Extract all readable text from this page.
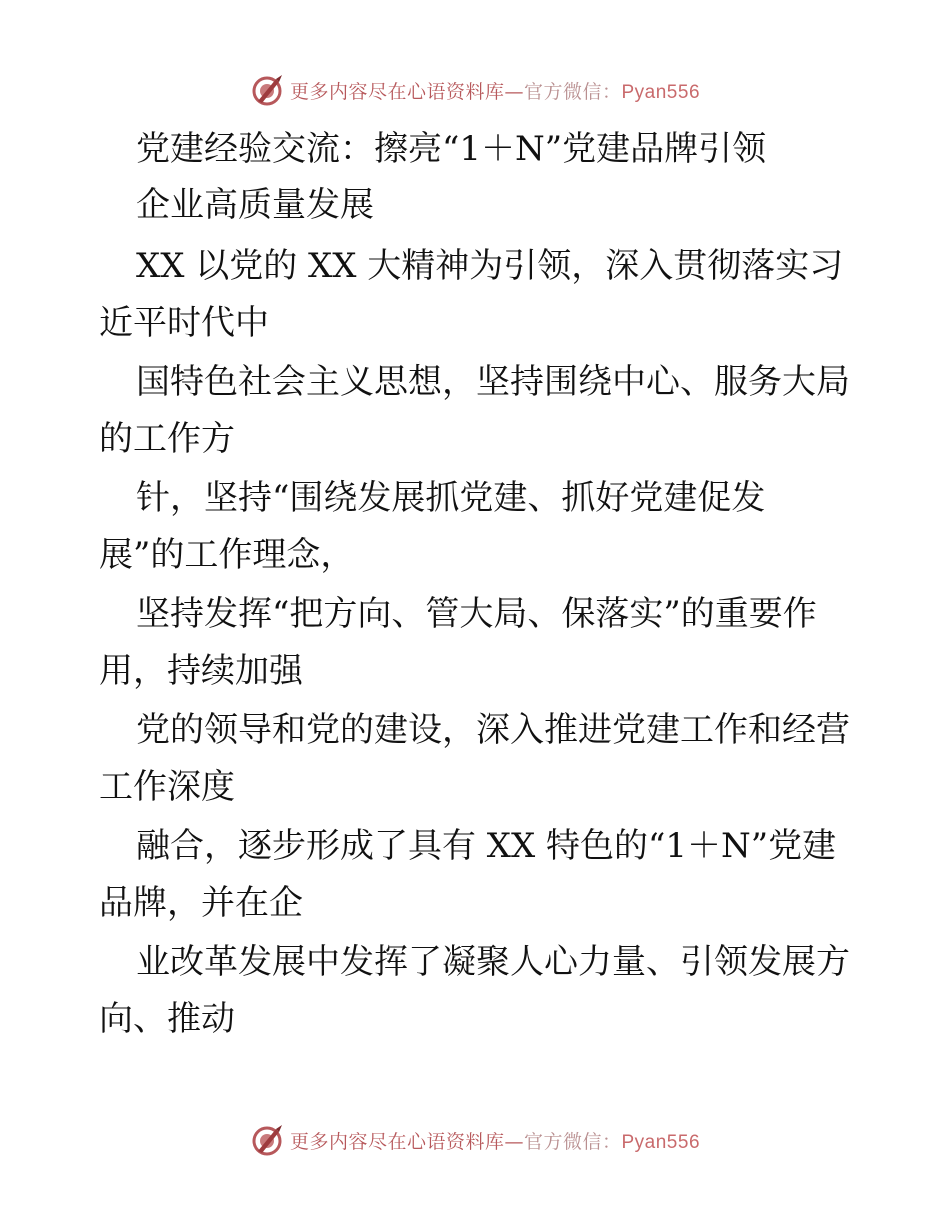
更多内容尽在心语资料库—官方微信：Pyan556
党建经验交流：擦亮“1＋N”党建品牌引领
企业高质量发展
XX 以党的 XX 大精神为引领，深入贯彻落实习
近平时代中
国特色社会主义思想，坚持围绕中心、服务大局
的工作方
针，坚持“围绕发展抓党建、抓好党建促发
展”的工作理念，
坚持发挥“把方向、管大局、保落实”的重要作
用，持续加强
党的领导和党的建设，深入推进党建工作和经营
工作深度
融合，逐步形成了具有 XX 特色的“1＋N”党建
品牌，并在企
业改革发展中发挥了凝聚人心力量、引领发展方
向、推动
更多内容尽在心语资料库—官方微信：Pyan556
